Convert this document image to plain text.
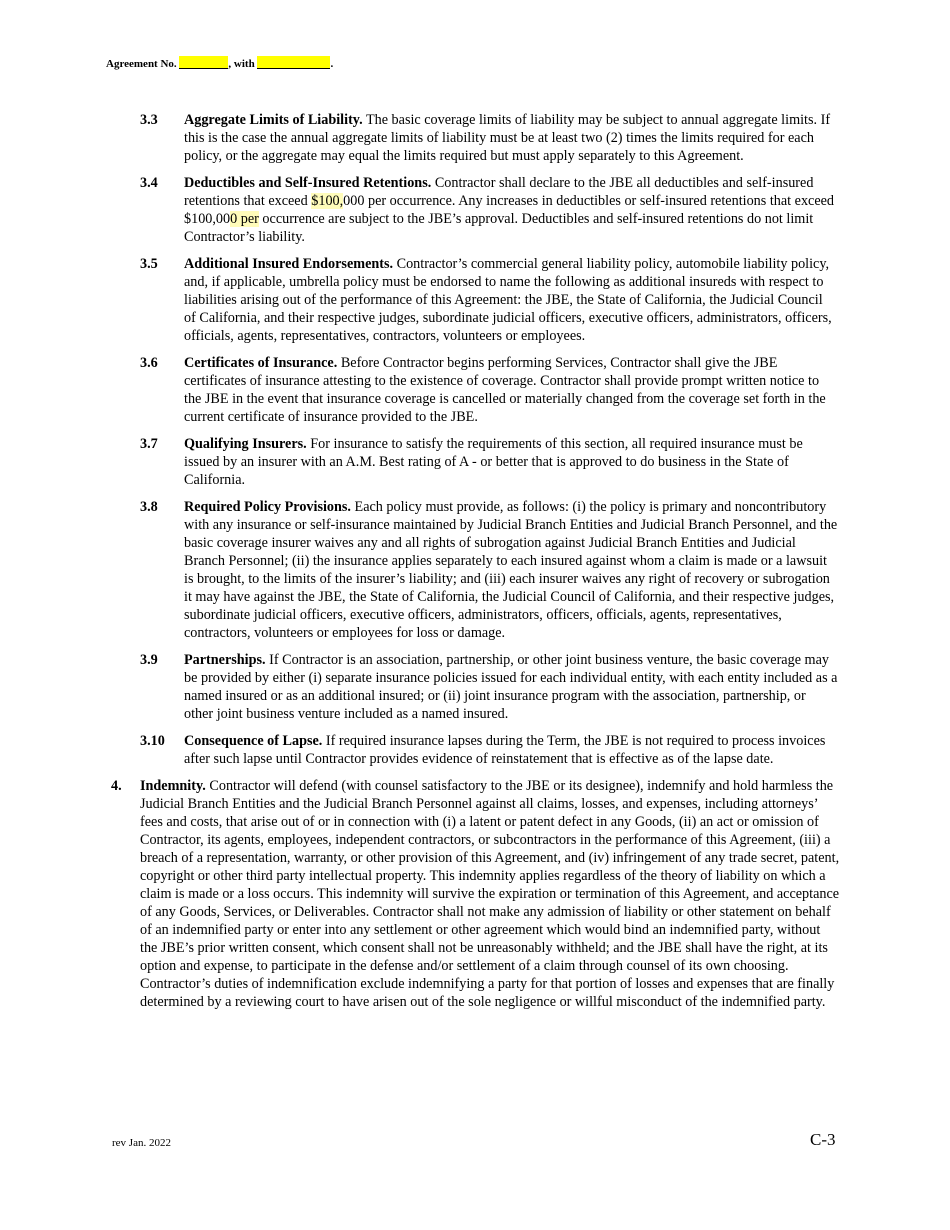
Agreement No.	, with	.
3.3 Aggregate Limits of Liability. The basic coverage limits of liability may be subject to annual aggregate limits. If this is the case the annual aggregate limits of liability must be at least two (2) times the limits required for each policy, or the aggregate may equal the limits required but must apply separately to this Agreement.
3.4 Deductibles and Self-Insured Retentions. Contractor shall declare to the JBE all deductibles and self-insured retentions that exceed $100,000 per occurrence. Any increases in deductibles or self-insured retentions that exceed $100,000 per occurrence are subject to the JBE’s approval. Deductibles and self-insured retentions do not limit Contractor’s liability.
3.5 Additional Insured Endorsements. Contractor’s commercial general liability policy, automobile liability policy, and, if applicable, umbrella policy must be endorsed to name the following as additional insureds with respect to liabilities arising out of the performance of this Agreement: the JBE, the State of California, the Judicial Council of California, and their respective judges, subordinate judicial officers, executive officers, administrators, officers, officials, agents, representatives, contractors, volunteers or employees.
3.6 Certificates of Insurance. Before Contractor begins performing Services, Contractor shall give the JBE certificates of insurance attesting to the existence of coverage. Contractor shall provide prompt written notice to the JBE in the event that insurance coverage is cancelled or materially changed from the coverage set forth in the current certificate of insurance provided to the JBE.
3.7 Qualifying Insurers. For insurance to satisfy the requirements of this section, all required insurance must be issued by an insurer with an A.M. Best rating of A - or better that is approved to do business in the State of California.
3.8 Required Policy Provisions. Each policy must provide, as follows: (i) the policy is primary and noncontributory with any insurance or self-insurance maintained by Judicial Branch Entities and Judicial Branch Personnel, and the basic coverage insurer waives any and all rights of subrogation against Judicial Branch Entities and Judicial Branch Personnel; (ii) the insurance applies separately to each insured against whom a claim is made or a lawsuit is brought, to the limits of the insurer’s liability; and (iii) each insurer waives any right of recovery or subrogation it may have against the JBE, the State of California, the Judicial Council of California, and their respective judges, subordinate judicial officers, executive officers, administrators, officers, officials, agents, representatives, contractors, volunteers or employees for loss or damage.
3.9 Partnerships. If Contractor is an association, partnership, or other joint business venture, the basic coverage may be provided by either (i) separate insurance policies issued for each individual entity, with each entity included as a named insured or as an additional insured; or (ii) joint insurance program with the association, partnership, or other joint business venture included as a named insured.
3.10 Consequence of Lapse. If required insurance lapses during the Term, the JBE is not required to process invoices after such lapse until Contractor provides evidence of reinstatement that is effective as of the lapse date.
4. Indemnity. Contractor will defend (with counsel satisfactory to the JBE or its designee), indemnify and hold harmless the Judicial Branch Entities and the Judicial Branch Personnel against all claims, losses, and expenses, including attorneys’ fees and costs, that arise out of or in connection with (i) a latent or patent defect in any Goods, (ii) an act or omission of Contractor, its agents, employees, independent contractors, or subcontractors in the performance of this Agreement, (iii) a breach of a representation, warranty, or other provision of this Agreement, and (iv) infringement of any trade secret, patent, copyright or other third party intellectual property. This indemnity applies regardless of the theory of liability on which a claim is made or a loss occurs. This indemnity will survive the expiration or termination of this Agreement, and acceptance of any Goods, Services, or Deliverables. Contractor shall not make any admission of liability or other statement on behalf of an indemnified party or enter into any settlement or other agreement which would bind an indemnified party, without the JBE’s prior written consent, which consent shall not be unreasonably withheld; and the JBE shall have the right, at its option and expense, to participate in the defense and/or settlement of a claim through counsel of its own choosing. Contractor’s duties of indemnification exclude indemnifying a party for that portion of losses and expenses that are finally determined by a reviewing court to have arisen out of the sole negligence or willful misconduct of the indemnified party.
rev Jan. 2022	C-3
